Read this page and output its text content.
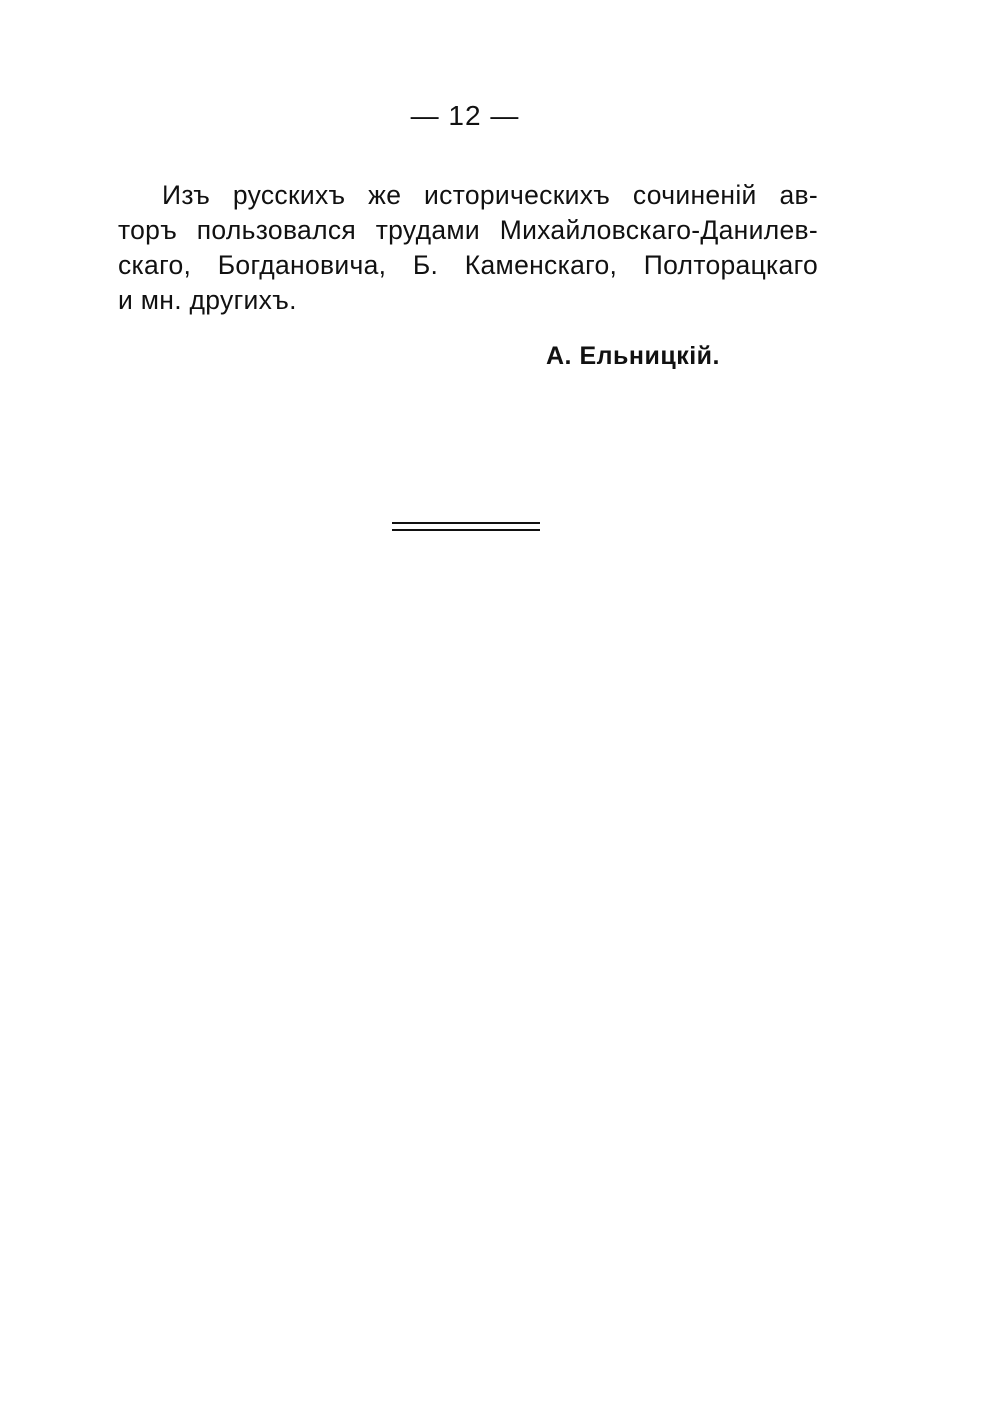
— 12 —
Изъ русскихъ же историческихъ сочиненій ав-
торъ пользовался трудами Михайловскаго-Данилев-
скаго, Богдановича, Б. Каменскаго, Полторацкаго
и мн. другихъ.
А. Ельницкій.
